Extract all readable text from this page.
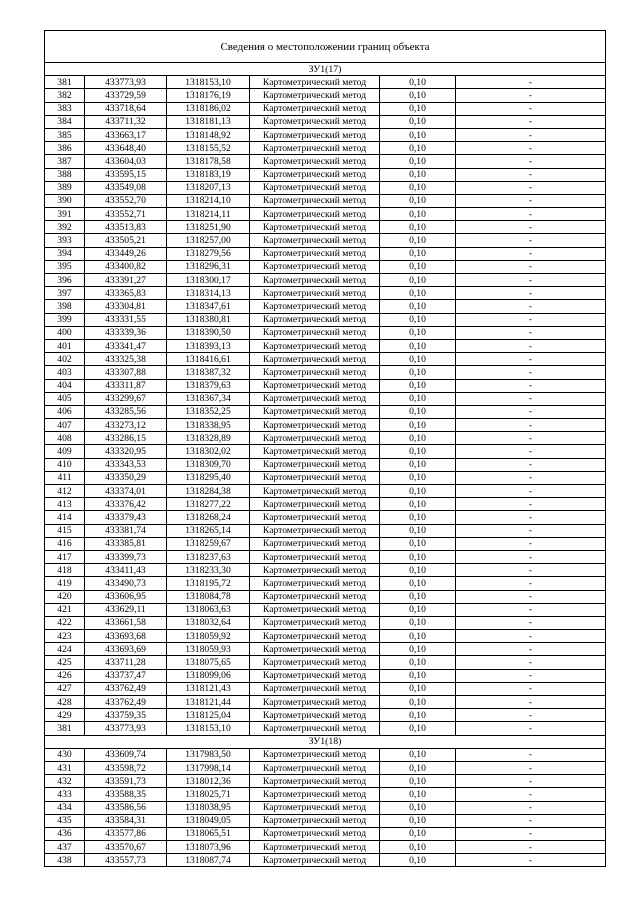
Сведения о местоположении границ объекта					
ЗУ1(17)					
381	433773,93	1318153,10	Картометрический метод	0,10	-
382	433729,59	1318176,19	Картометрический метод	0,10	-
383	433718,64	1318186,02	Картометрический метод	0,10	-
384	433711,32	1318181,13	Картометрический метод	0,10	-
385	433663,17	1318148,92	Картометрический метод	0,10	-
386	433648,40	1318155,52	Картометрический метод	0,10	-
387	433604,03	1318178,58	Картометрический метод	0,10	-
388	433595,15	1318183,19	Картометрический метод	0,10	-
389	433549,08	1318207,13	Картометрический метод	0,10	-
390	433552,70	1318214,10	Картометрический метод	0,10	-
391	433552,71	1318214,11	Картометрический метод	0,10	-
392	433513,83	1318251,90	Картометрический метод	0,10	-
393	433505,21	1318257,00	Картометрический метод	0,10	-
394	433449,26	1318279,56	Картометрический метод	0,10	-
395	433400,82	1318296,31	Картометрический метод	0,10	-
396	433391,27	1318300,17	Картометрический метод	0,10	-
397	433365,83	1318314,13	Картометрический метод	0,10	-
398	433304,81	1318347,61	Картометрический метод	0,10	-
399	433331,55	1318380,81	Картометрический метод	0,10	-
400	433339,36	1318390,50	Картометрический метод	0,10	-
401	433341,47	1318393,13	Картометрический метод	0,10	-
402	433325,38	1318416,61	Картометрический метод	0,10	-
403	433307,88	1318387,32	Картометрический метод	0,10	-
404	433311,87	1318379,63	Картометрический метод	0,10	-
405	433299,67	1318367,34	Картометрический метод	0,10	-
406	433285,56	1318352,25	Картометрический метод	0,10	-
407	433273,12	1318338,95	Картометрический метод	0,10	-
408	433286,15	1318328,89	Картометрический метод	0,10	-
409	433320,95	1318302,02	Картометрический метод	0,10	-
410	433343,53	1318309,70	Картометрический метод	0,10	-
411	433350,29	1318295,40	Картометрический метод	0,10	-
412	433374,01	1318284,38	Картометрический метод	0,10	-
413	433376,42	1318277,22	Картометрический метод	0,10	-
414	433379,43	1318268,24	Картометрический метод	0,10	-
415	433381,74	1318265,14	Картометрический метод	0,10	-
416	433385,81	1318259,67	Картометрический метод	0,10	-
417	433399,73	1318237,63	Картометрический метод	0,10	-
418	433411,43	1318233,30	Картометрический метод	0,10	-
419	433490,73	1318195,72	Картометрический метод	0,10	-
420	433606,95	1318084,78	Картометрический метод	0,10	-
421	433629,11	1318063,63	Картометрический метод	0,10	-
422	433661,58	1318032,64	Картометрический метод	0,10	-
423	433693,68	1318059,92	Картометрический метод	0,10	-
424	433693,69	1318059,93	Картометрический метод	0,10	-
425	433711,28	1318075,65	Картометрический метод	0,10	-
426	433737,47	1318099,06	Картометрический метод	0,10	-
427	433762,49	1318121,43	Картометрический метод	0,10	-
428	433762,49	1318121,44	Картометрический метод	0,10	-
429	433759,35	1318125,04	Картометрический метод	0,10	-
381	433773,93	1318153,10	Картометрический метод	0,10	-
ЗУ1(18)					
430	433609,74	1317983,50	Картометрический метод	0,10	-
431	433598,72	1317998,14	Картометрический метод	0,10	-
432	433591,73	1318012,36	Картометрический метод	0,10	-
433	433588,35	1318025,71	Картометрический метод	0,10	-
434	433586,56	1318038,95	Картометрический метод	0,10	-
435	433584,31	1318049,05	Картометрический метод	0,10	-
436	433577,86	1318065,51	Картометрический метод	0,10	-
437	433570,67	1318073,96	Картометрический метод	0,10	-
438	433557,73	1318087,74	Картометрический метод	0,10	-
